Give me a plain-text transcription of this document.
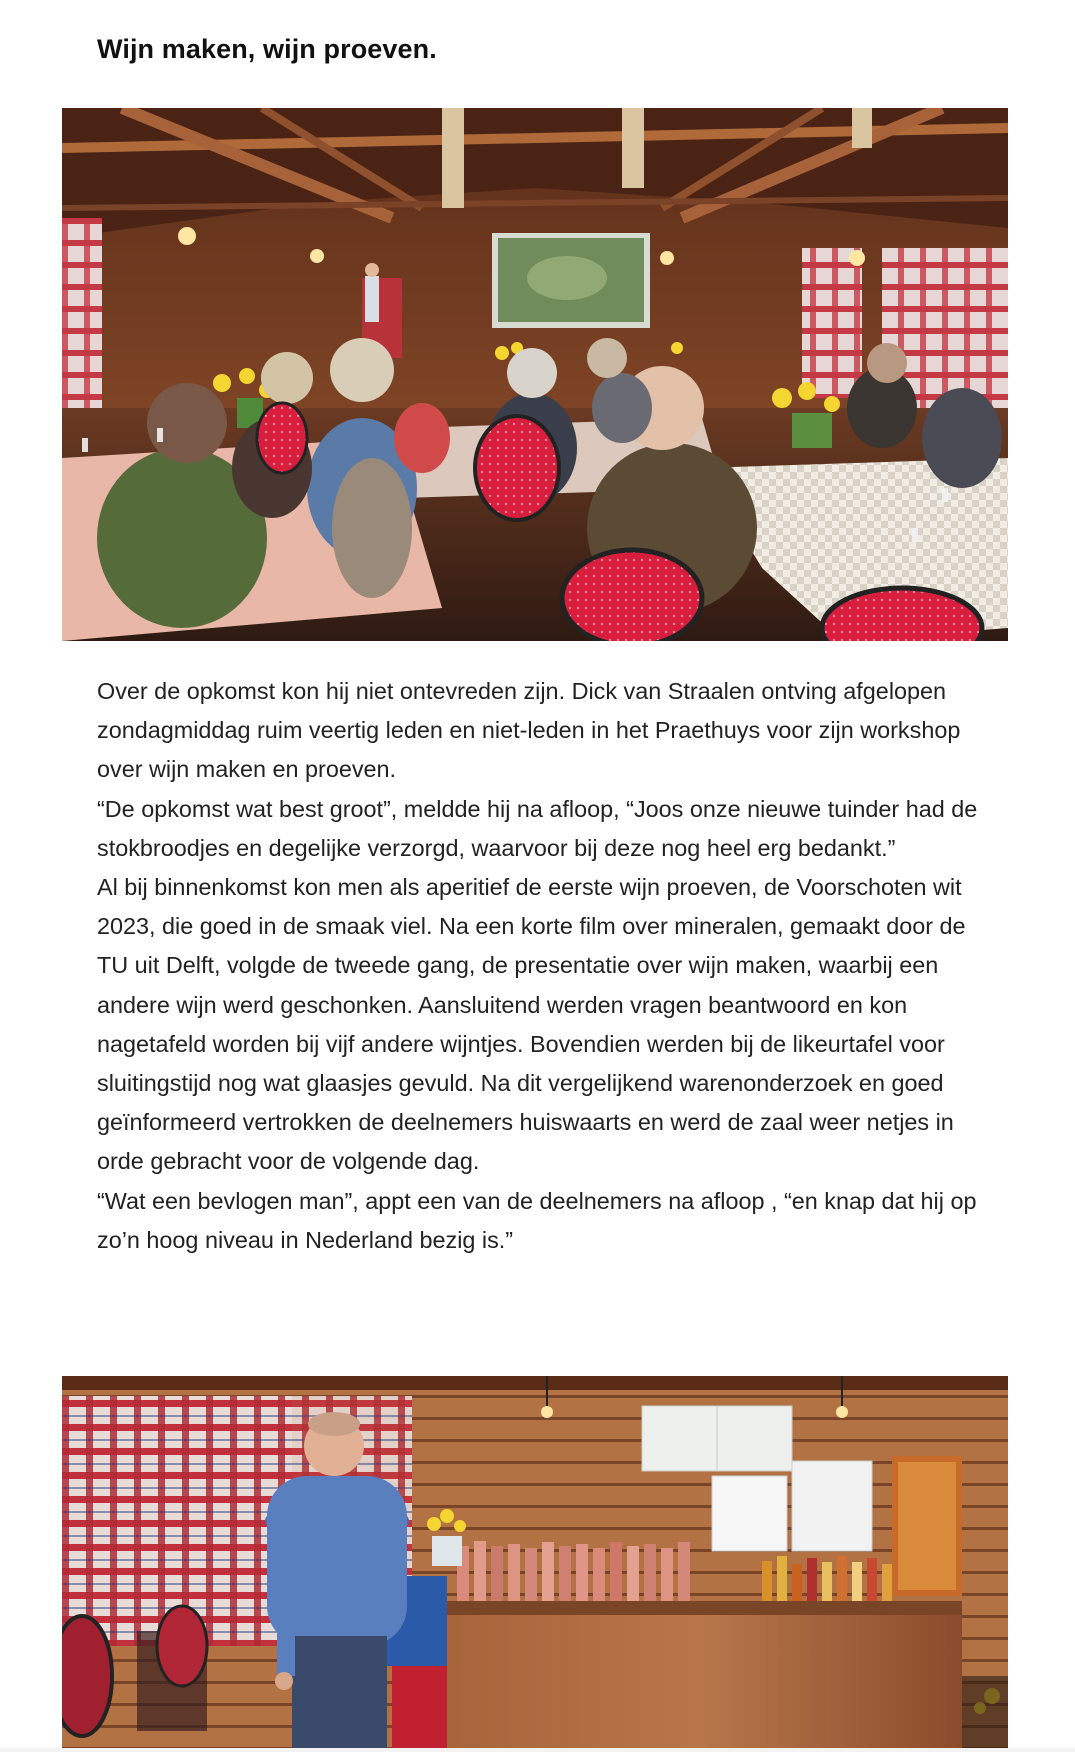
Wijn maken, wijn proeven.

Over de opkomst kon hij niet ontevreden zijn. Dick van Straalen ontving afgelopen zondagmiddag ruim veertig leden en niet-leden in het Praethuys voor zijn workshop over wijn maken en proeven.

“De opkomst wat best groot”, meldde hij na afloop, “Joos onze nieuwe tuinder had de stokbroodjes en degelijke verzorgd, waarvoor bij deze nog heel erg bedankt.”

Al bij binnenkomst kon men als aperitief de eerste wijn proeven, de Voorschoten wit 2023, die goed in de smaak viel. Na een korte film over mineralen, gemaakt door de TU uit Delft, volgde de tweede gang, de presentatie over wijn maken, waarbij een andere wijn werd geschonken. Aansluitend werden vragen beantwoord en kon nagetafeld worden bij vijf andere wijntjes. Bovendien werden bij de likeurtafel voor sluitingstijd nog wat glaasjes gevuld. Na dit vergelijkend warenonderzoek en goed geïnformeerd vertrokken de deelnemers huiswaarts en werd de zaal weer netjes in orde gebracht voor de volgende dag.

“Wat een bevlogen man”, appt een van de deelnemers na afloop , “en knap dat hij op zo’n hoog niveau in Nederland bezig is.”
